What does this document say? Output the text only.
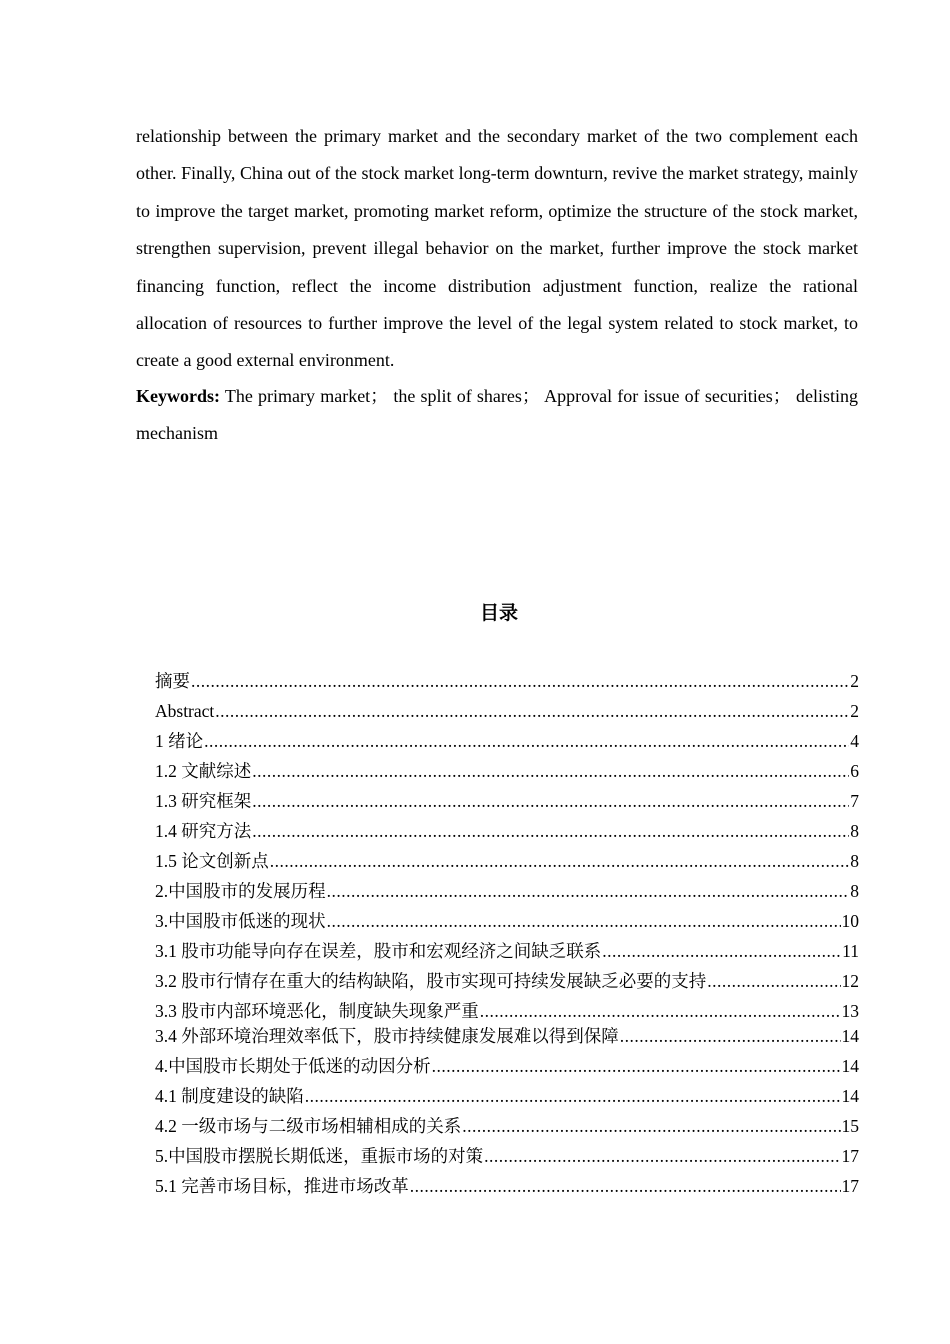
relationship between the primary market and the secondary market of the two complement each other. Finally, China out of the stock market long-term downturn, revive the market strategy, mainly to improve the target market, promoting market reform, optimize the structure of the stock market, strengthen supervision, prevent illegal behavior on the market, further improve the stock market financing function, reflect the income distribution adjustment function, realize the rational allocation of resources to further improve the level of the legal system related to stock market, to create a good external environment.

Keywords: The primary market； the split of shares； Approval for issue of securities； delisting mechanism

目录
摘要 .....	2
Abstract .....	2
1 绪论 .....	4
1.2 文献综述 .....	6
1.3 研究框架 .....	7
1.4 研究方法 .....	8
1.5 论文创新点 .....	8
2.中国股市的发展历程 .....	8
3.中国股市低迷的现状 .....	10
3.1 股市功能导向存在误差，股市和宏观经济之间缺乏联系 .....	11
3.2 股市行情存在重大的结构缺陷，股市实现可持续发展缺乏必要的支持 .....	12
3.3 股市内部环境恶化，制度缺失现象严重 .....	13
3.4 外部环境治理效率低下，股市持续健康发展难以得到保障 .....	14
4.中国股市长期处于低迷的动因分析 .....	14
4.1 制度建设的缺陷 .....	14
4.2 一级市场与二级市场相辅相成的关系 .....	15
5.中国股市摆脱长期低迷，重振市场的对策 .....	17
5.1 完善市场目标，推进市场改革 .....	17
